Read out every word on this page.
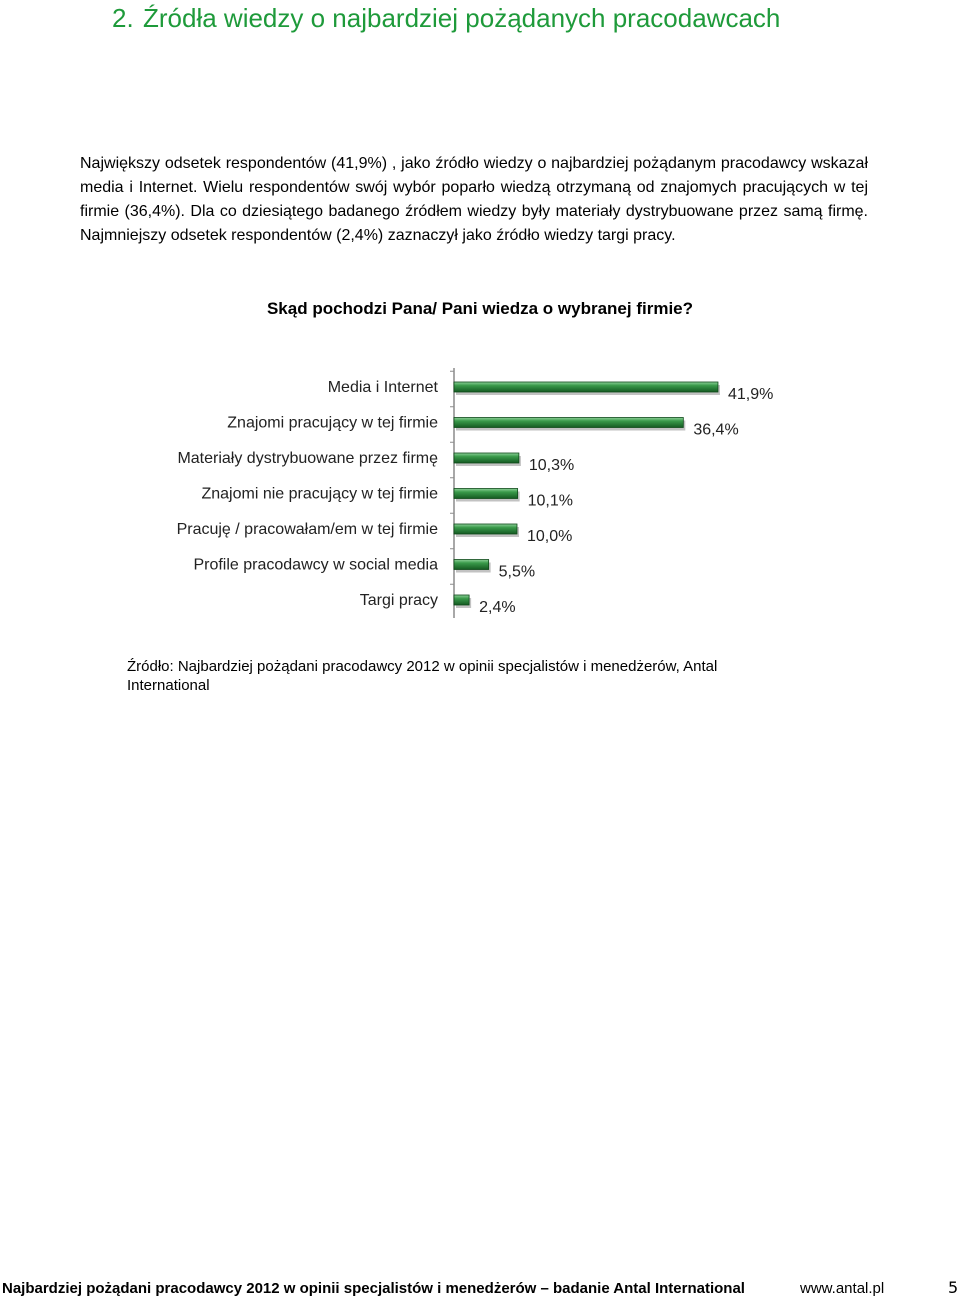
2. Źródła wiedzy o najbardziej pożądanych pracodawcach

Największy odsetek respondentów (41,9%) , jako źródło wiedzy o najbardziej pożądanym pracodawcy wskazał media i Internet. Wielu respondentów swój wybór poparło wiedzą otrzymaną od znajomych pracujących w tej firmie (36,4%). Dla co dziesiątego badanego źródłem wiedzy były materiały dystrybuowane przez samą firmę. Najmniejszy odsetek respondentów (2,4%) zaznaczył jako źródło wiedzy targi pracy.

Skąd pochodzi Pana/ Pani wiedza o wybranej firmie?
Media i Internet	41,9%
Znajomi pracujący w tej firmie	36,4%
Materiały dystrybuowane przez firmę	10,3%
Znajomi nie pracujący w tej firmie	10,1%
Pracuję / pracowałam/em w tej firmie	10,0%
Profile pracodawcy w social media	5,5%
Targi pracy	2,4%
Źródło: Najbardziej pożądani pracodawcy 2012 w opinii specjalistów i menedżerów, Antal International
Najbardziej pożądani pracodawcy 2012 w opinii specjalistów i menedżerów – badanie Antal International	www.antal.pl	5
